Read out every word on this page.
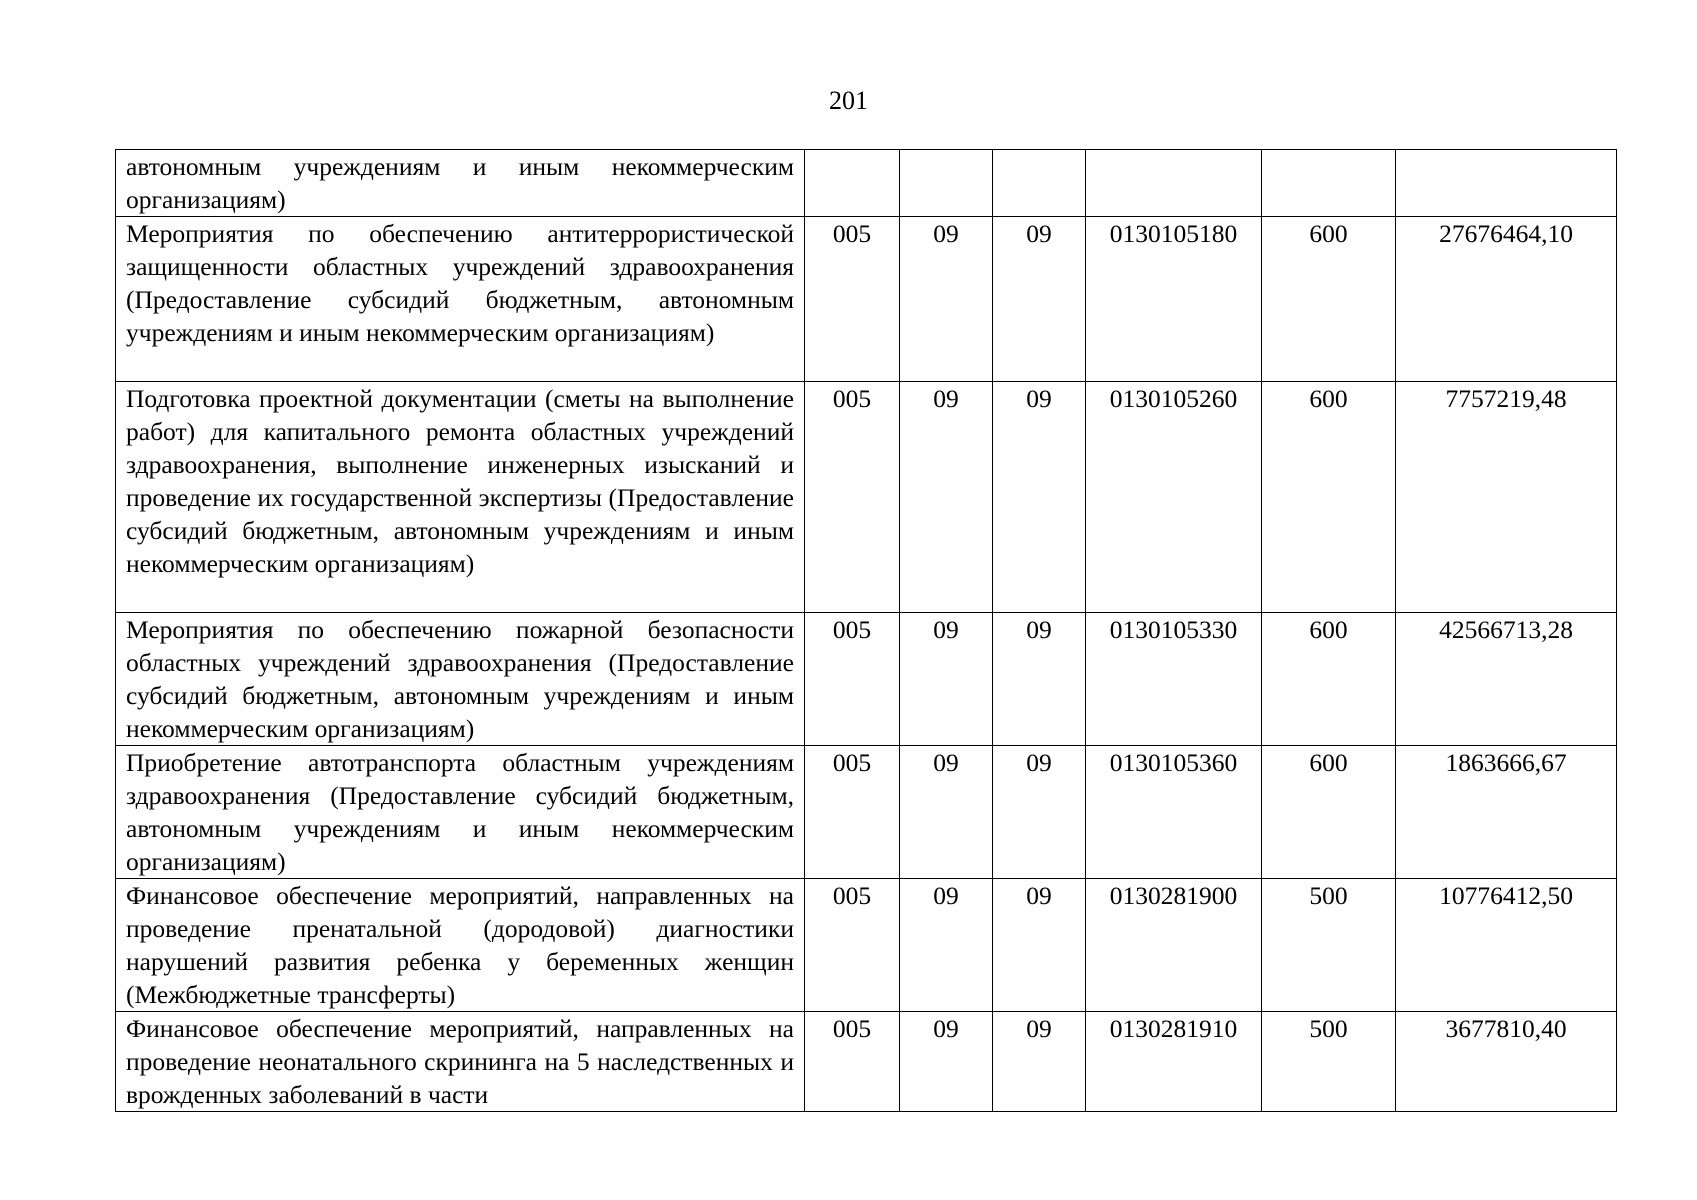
201
автономным учреждениям и иным некоммерческим организациям)						
Мероприятия по обеспечению антитеррористической защищенности областных учреждений здравоохранения (Предоставление субсидий бюджетным, автономным учреждениям и иным некоммерческим организациям)	005	09	09	0130105180	600	27676464,10
Подготовка проектной документации (сметы на выполнение работ) для капитального ремонта областных учреждений здравоохранения, выполнение инженерных изысканий и проведение их государственной экспертизы (Предоставление субсидий бюджетным, автономным учреждениям и иным некоммерческим организациям)	005	09	09	0130105260	600	7757219,48
Мероприятия по обеспечению пожарной безопасности областных учреждений здравоохранения (Предоставление субсидий бюджетным, автономным учреждениям и иным некоммерческим организациям)	005	09	09	0130105330	600	42566713,28
Приобретение автотранспорта областным учреждениям здравоохранения (Предоставление субсидий бюджетным, автономным учреждениям и иным некоммерческим организациям)	005	09	09	0130105360	600	1863666,67
Финансовое обеспечение мероприятий, направленных на проведение пренатальной (дородовой) диагностики нарушений развития ребенка у беременных женщин (Межбюджетные трансферты)	005	09	09	0130281900	500	10776412,50
Финансовое обеспечение мероприятий, направленных на проведение неонатального скрининга на 5 наследственных и врожденных заболеваний в части	005	09	09	0130281910	500	3677810,40
